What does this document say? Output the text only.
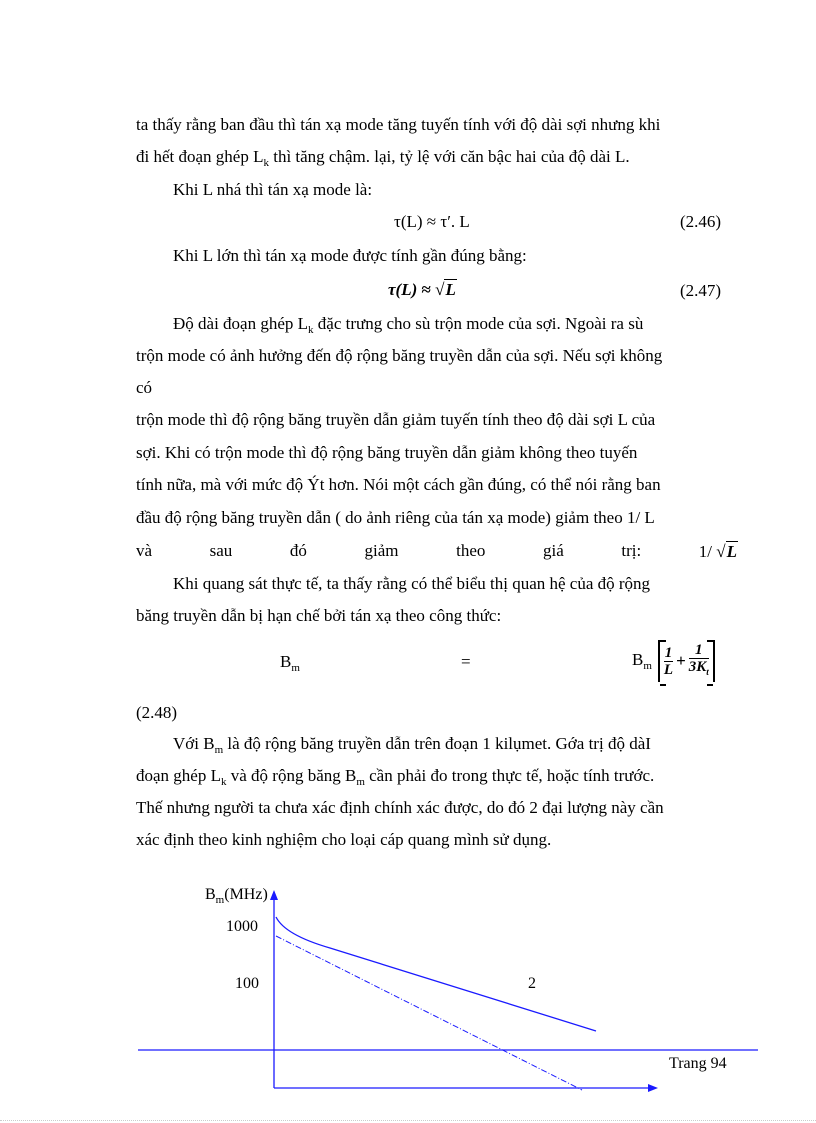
ta thấy rằng ban đầu thì tán xạ mode tăng tuyến tính với độ dài sợi nhưng khi
đi hết đoạn ghép $L_k$ thì tăng chậm. lại, tỷ lệ với căn bậc hai của độ dài L.
Khi L nhá thì tán xạ mode là:
τ(L) ≈ τ′. L	(2.46)
Khi L lớn thì tán xạ mode được tính gần đúng bằng:
τ(L) ≈ √ L	(2.47)
Độ dài đoạn ghép $L_k$ đặc trưng cho sù trộn mode của sợi. Ngoài ra sù
trộn mode có ảnh hưởng đến độ rộng băng truyền dẫn của sợi. Nếu sợi không
có
trộn mode thì độ rộng băng truyền dẫn giảm tuyến tính theo độ dài sợi L của
sợi. Khi có trộn mode thì độ rộng băng truyền dẫn giảm không theo tuyến
tính nữa, mà với mức độ Ýt hơn. Nói một cách gần đúng, có thể nói rằng ban
đầu độ rộng băng truyền dẫn ( do ảnh riêng của tán xạ mode) giảm theo 1/ L
và	sau	đó	giảm	theo	giá	trị:	1/ √ L
Khi quang sát thực tế, ta thấy rằng có thể biểu thị quan hệ của độ rộng
băng truyền dẫn bị hạn chế bởi tán xạ theo công thức:
$B_m$	=	$B_m \frac{1}{L} + \frac{1}{3K_t}$
(2.48)
Với $B_m$ là độ rộng băng truyền dẫn trên đoạn 1 kilụmet. Gớa trị độ dàI
đoạn ghép $L_k$ và độ rộng băng $B_m$ cần phải đo trong thực tế, hoặc tính trước.
Thế nhưng người ta chưa xác định chính xác được, do đó 2 đại lượng này cần
xác định theo kinh nghiệm cho loại cáp quang mình sử dụng.
$B_m(MHz)$
1000
100	2
Trang 94
